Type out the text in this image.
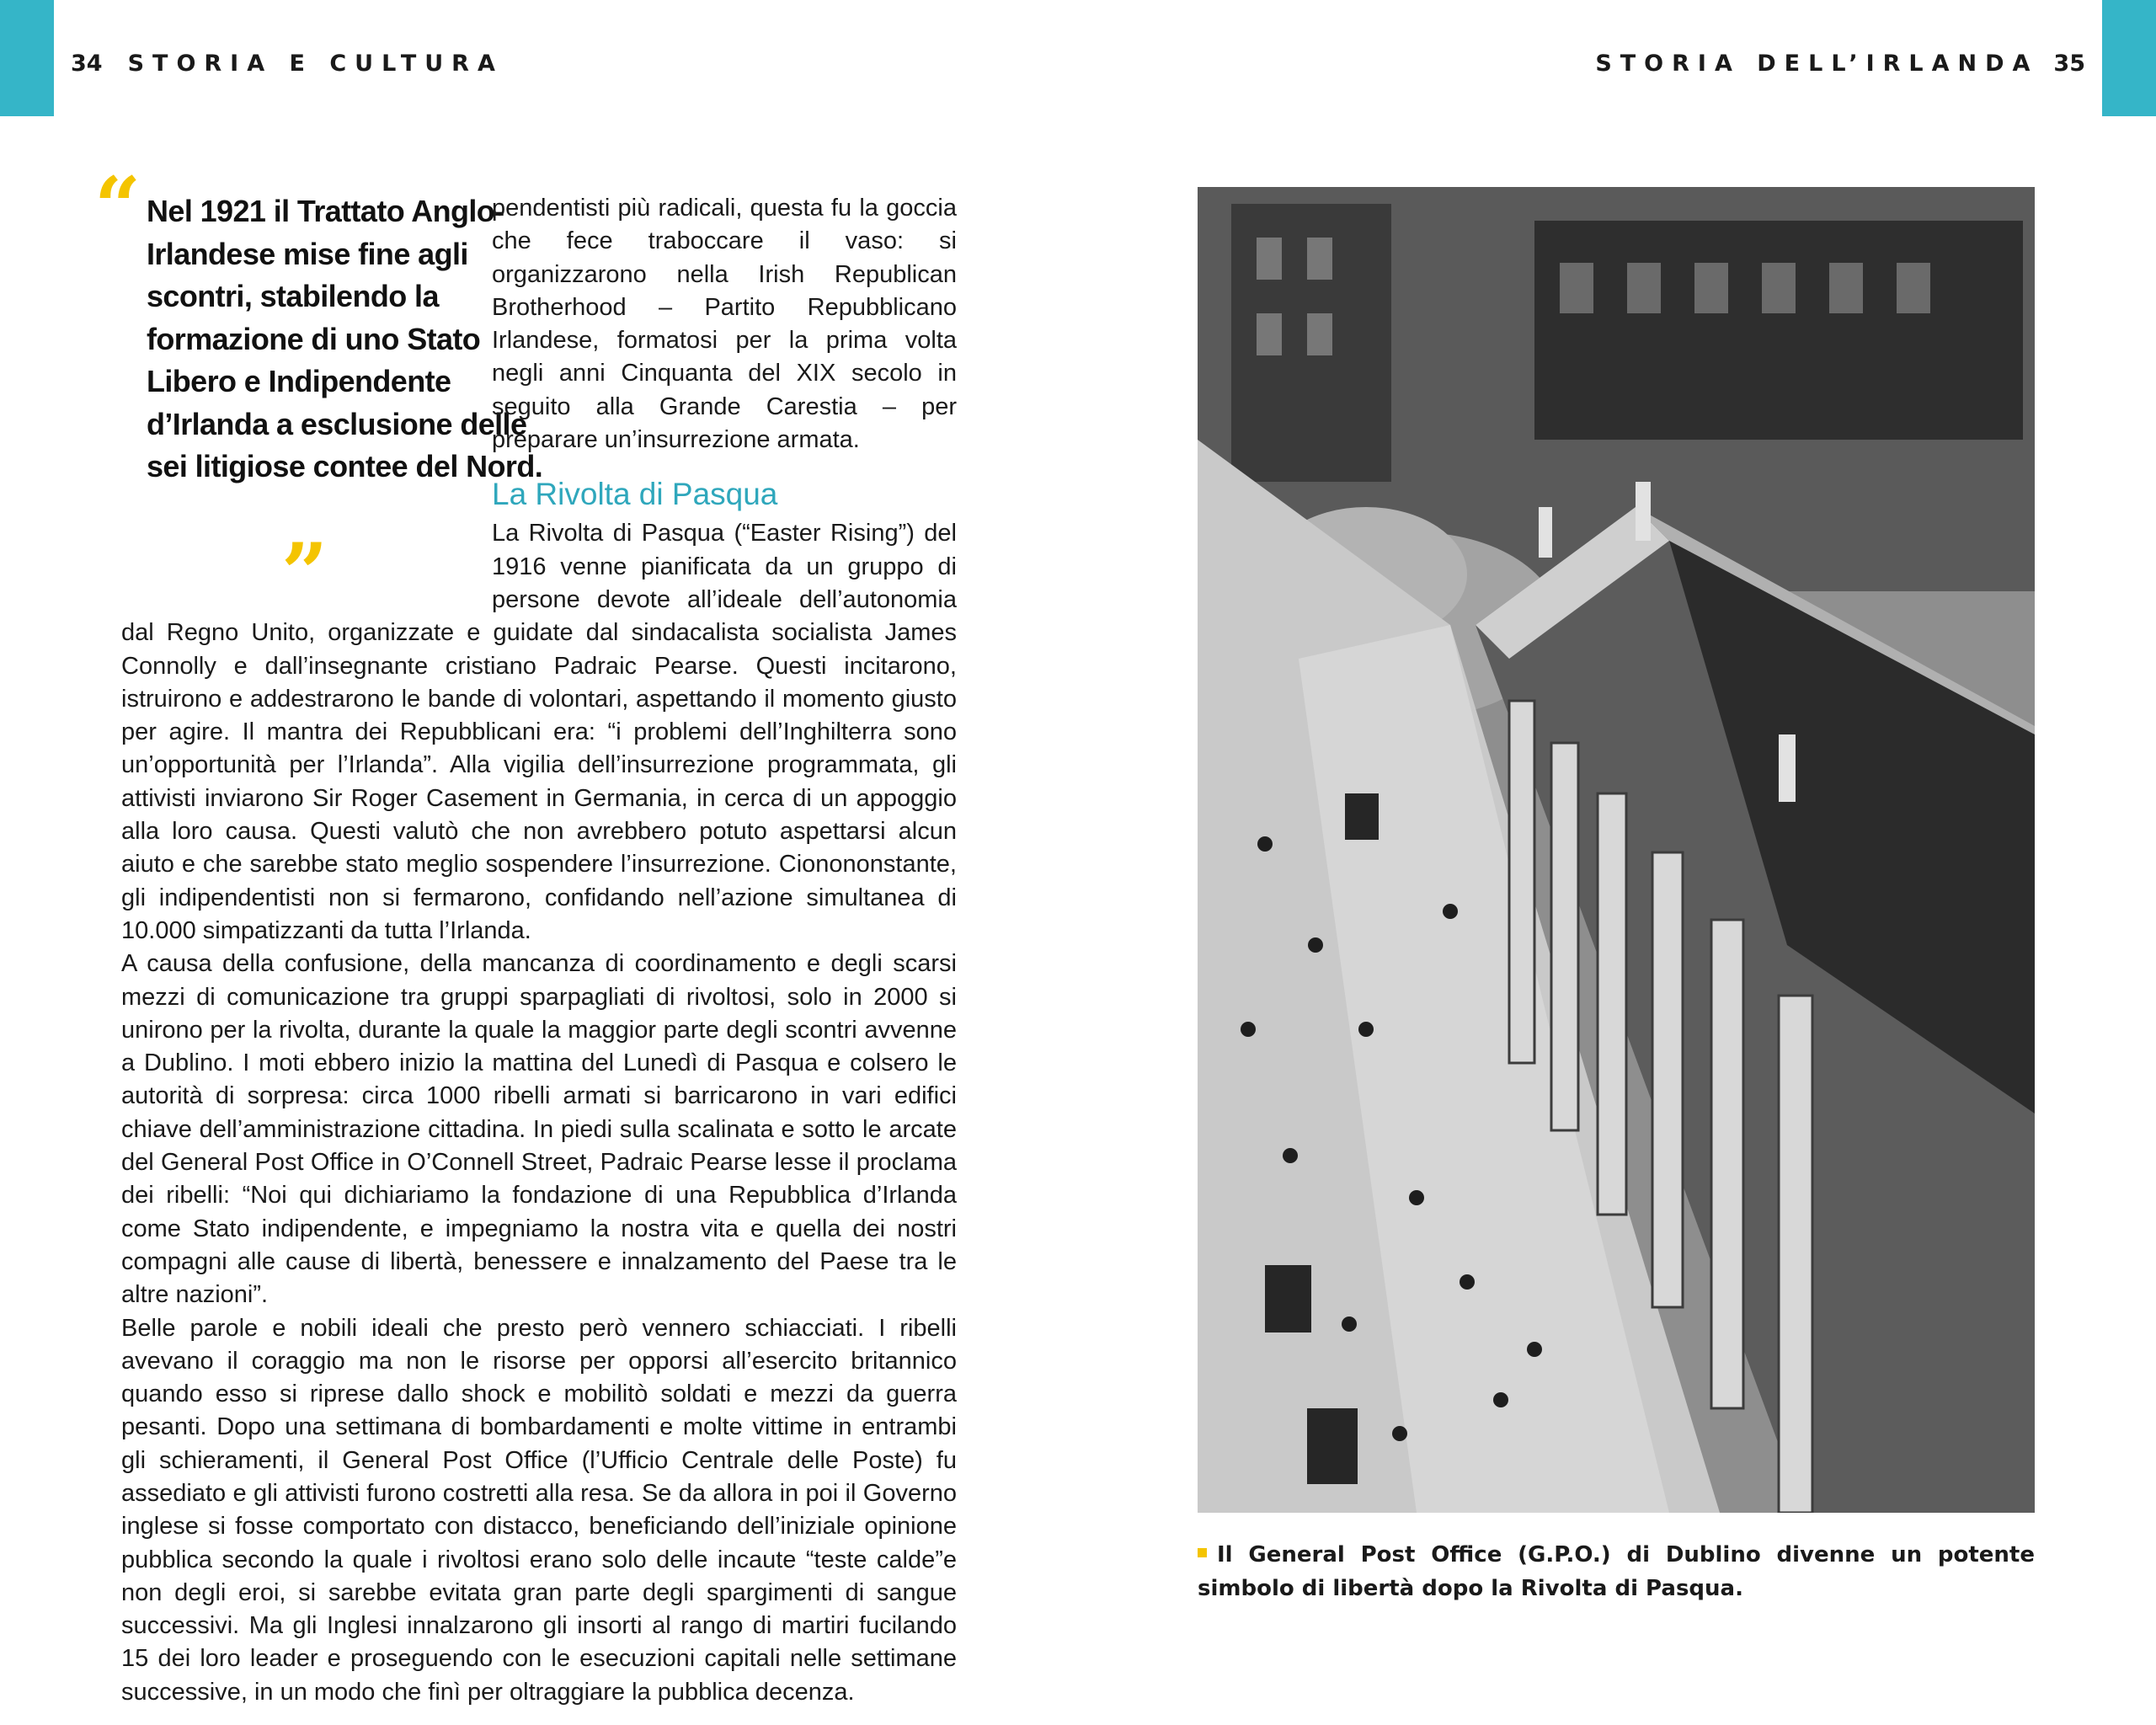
34 STORIA E CULTURA	STORIA DELL’IRLANDA 35
“ Nel 1921 il Trattato Anglo-Irlandese mise fine agli scontri, stabilendo la formazione di uno Stato Libero e Indipendente d’Irlanda a esclusione delle sei litigiose contee del Nord.
”

pendentisti più radicali, questa fu la goccia che fece traboccare il vaso: si organizzarono nella Irish Republican Brotherhood – Partito Repubblicano Irlandese, formatosi per la prima volta negli anni Cinquanta del XIX secolo in seguito alla Grande Carestia – per preparare un’insurrezione armata.

La Rivolta di Pasqua

La Rivolta di Pasqua (“Easter Rising”) del 1916 venne pianificata da un gruppo di persone devote all’ideale dell’autonomia dal Regno Unito, organizzate e guidate dal sindacalista socialista James Connolly e dall’insegnante cristiano Padraic Pearse. Questi incitarono, istruirono e addestrarono le bande di volontari, aspettando il momento giusto per agire. Il mantra dei Repubblicani era: “i problemi dell’Inghilterra sono un’opportunità per l’Irlanda”. Alla vigilia dell’insurrezione programmata, gli attivisti inviarono Sir Roger Casement in Germania, in cerca di un appoggio alla loro causa. Questi valutò che non avrebbero potuto aspettarsi alcun aiuto e che sarebbe stato meglio sospendere l’insurrezione. Cionononstante, gli indipendentisti non si fermarono, confidando nell’azione simultanea di 10.000 simpatizzanti da tutta l’Irlanda.

A causa della confusione, della mancanza di coordinamento e degli scarsi mezzi di comunicazione tra gruppi sparpagliati di rivoltosi, solo in 2000 si unirono per la rivolta, durante la quale la maggior parte degli scontri avvenne a Dublino. I moti ebbero inizio la mattina del Lunedì di Pasqua e colsero le autorità di sorpresa: circa 1000 ribelli armati si barricarono in vari edifici chiave dell’amministrazione cittadina. In piedi sulla scalinata e sotto le arcate del General Post Office in O’Connell Street, Padraic Pearse lesse il proclama dei ribelli: “Noi qui dichiariamo la fondazione di una Repubblica d’Irlanda come Stato indipendente, e impegniamo la nostra vita e quella dei nostri compagni alle cause di libertà, benessere e innalzamento del Paese tra le altre nazioni”.

Belle parole e nobili ideali che presto però vennero schiacciati. I ribelli avevano il coraggio ma non le risorse per opporsi all’esercito britannico quando esso si riprese dallo shock e mobilitò soldati e mezzi da guerra pesanti. Dopo una settimana di bombardamenti e molte vittime in entrambi gli schieramenti, il General Post Office (l’Ufficio Centrale delle Poste) fu assediato e gli attivisti furono costretti alla resa. Se da allora in poi il Governo inglese si fosse comportato con distacco, beneficiando dell’iniziale opinione pubblica secondo la quale i rivoltosi erano solo delle incaute “teste calde”e non degli eroi, si sarebbe evitata gran parte degli spargimenti di sangue successivi. Ma gli Inglesi innalzarono gli insorti al rango di martiri fucilando 15 dei loro leader e proseguendo con le esecuzioni capitali nelle settimane successive, in un modo che finì per oltraggiare la pubblica decenza.

Il General Post Office (G.P.O.) di Dublino divenne un potente simbolo di libertà dopo la Rivolta di Pasqua.
